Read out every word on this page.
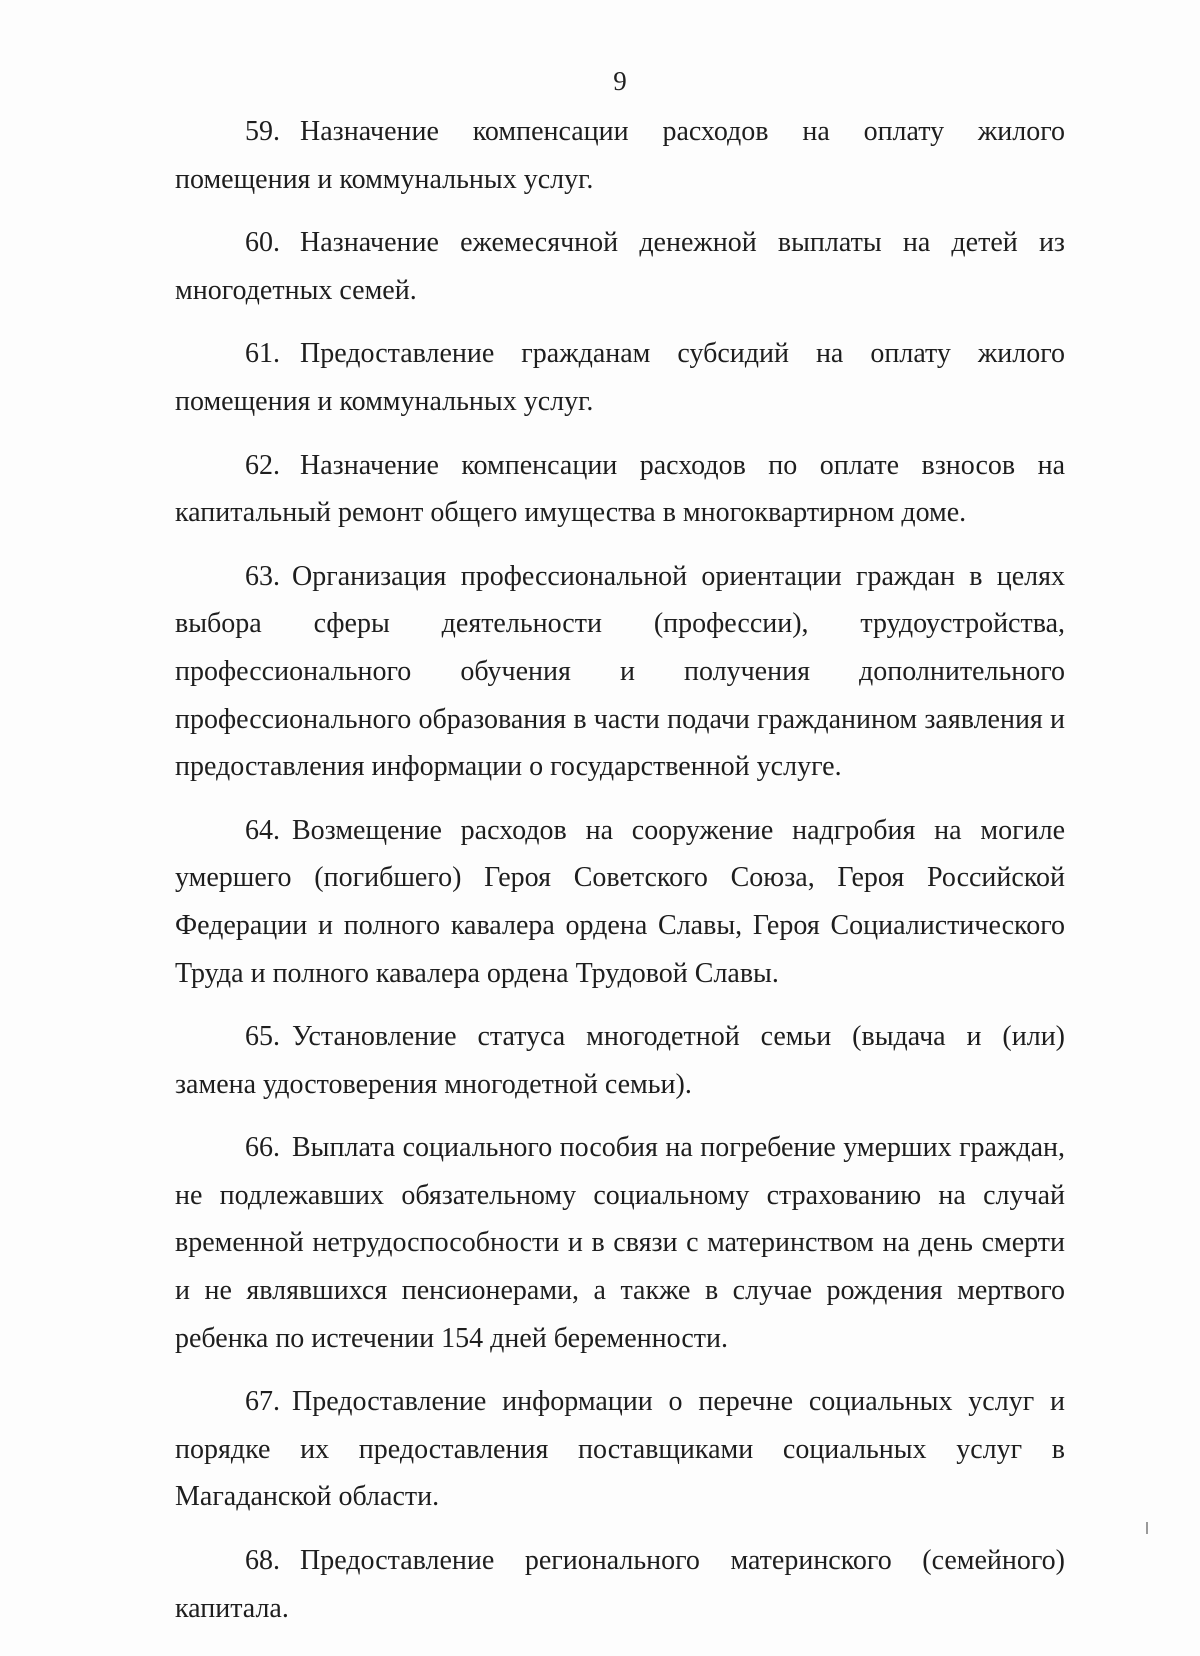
9

59. Назначение компенсации расходов на оплату жилого помещения и коммунальных услуг.

60. Назначение ежемесячной денежной выплаты на детей из многодетных семей.

61. Предоставление гражданам субсидий на оплату жилого помещения и коммунальных услуг.

62. Назначение компенсации расходов по оплате взносов на капитальный ремонт общего имущества в многоквартирном доме.

63. Организация профессиональной ориентации граждан в целях выбора сферы деятельности (профессии), трудоустройства, профессионального обучения и получения дополнительного профессионального образования в части подачи гражданином заявления и предоставления информации о государственной услуге.

64. Возмещение расходов на сооружение надгробия на могиле умершего (погибшего) Героя Советского Союза, Героя Российской Федерации и полного кавалера ордена Славы, Героя Социалистического Труда и полного кавалера ордена Трудовой Славы.

65. Установление статуса многодетной семьи (выдача и (или) замена удостоверения многодетной семьи).

66. Выплата социального пособия на погребение умерших граждан, не подлежавших обязательному социальному страхованию на случай временной нетрудоспособности и в связи с материнством на день смерти и не являвшихся пенсионерами, а также в случае рождения мертвого ребенка по истечении 154 дней беременности.

67. Предоставление информации о перечне социальных услуг и порядке их предоставления поставщиками социальных услуг в Магаданской области.

68. Предоставление регионального материнского (семейного) капитала.
